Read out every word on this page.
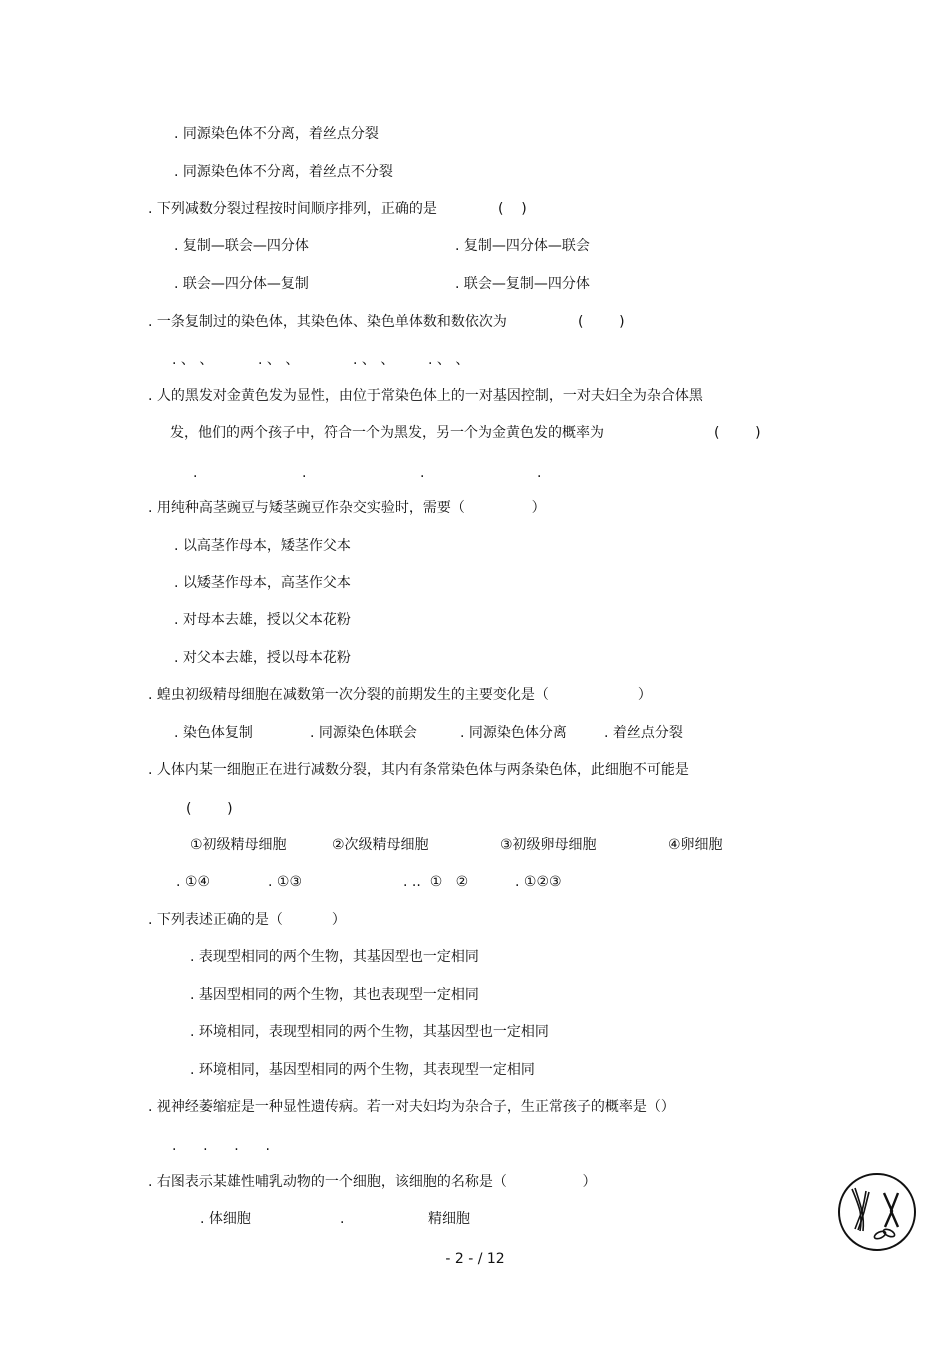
. 同源染色体不分离，着丝点分裂
. 同源染色体不分离，着丝点不分裂
. 下列减数分裂过程按时间顺序排列，正确的是	(    )
. 复制—联会—四分体	. 复制—四分体—联会
. 联会—四分体—复制	. 联会—复制—四分体
. 一条复制过的染色体，其染色体、染色单体数和数依次为	(        )
. 、 、	. 、 、	. 、 、 . 、 、
. 人的黑发对金黄色发为显性，由位于常染色体上的一对基因控制，一对夫妇全为杂合体黑
发，他们的两个孩子中，符合一个为黑发，另一个为金黄色发的概率为	(        )
.	.	.	.
. 用纯种高茎豌豆与矮茎豌豆作杂交实验时，需要（               ）
. 以高茎作母本，矮茎作父本
. 以矮茎作母本，高茎作父本
. 对母本去雄，授以父本花粉
. 对父本去雄，授以母本花粉
. 蝗虫初级精母细胞在减数第一次分裂的前期发生的主要变化是（                    ）
. 染色体复制	. 同源染色体联会	. 同源染色体分离	. 着丝点分裂
. 人体内某一细胞正在进行减数分裂，其内有条常染色体与两条染色体，此细胞不可能是
(        )
①初级精母细胞	②次级精母细胞	③初级卵母细胞	④卵细胞
. ①④	. ①③	. ..  ①   ②	. ①②③
. 下列表述正确的是（           ）
. 表现型相同的两个生物，其基因型也一定相同
. 基因型相同的两个生物，其也表现型一定相同
. 环境相同，表现型相同的两个生物，其基因型也一定相同
. 环境相同，基因型相同的两个生物，其表现型一定相同
. 视神经萎缩症是一种显性遗传病。若一对夫妇均为杂合子，生正常孩子的概率是（）
.      .      .      .
. 右图表示某雄性哺乳动物的一个细胞，该细胞的名称是（                 ）
. 体细胞	.	精细胞
- 2 - / 12
